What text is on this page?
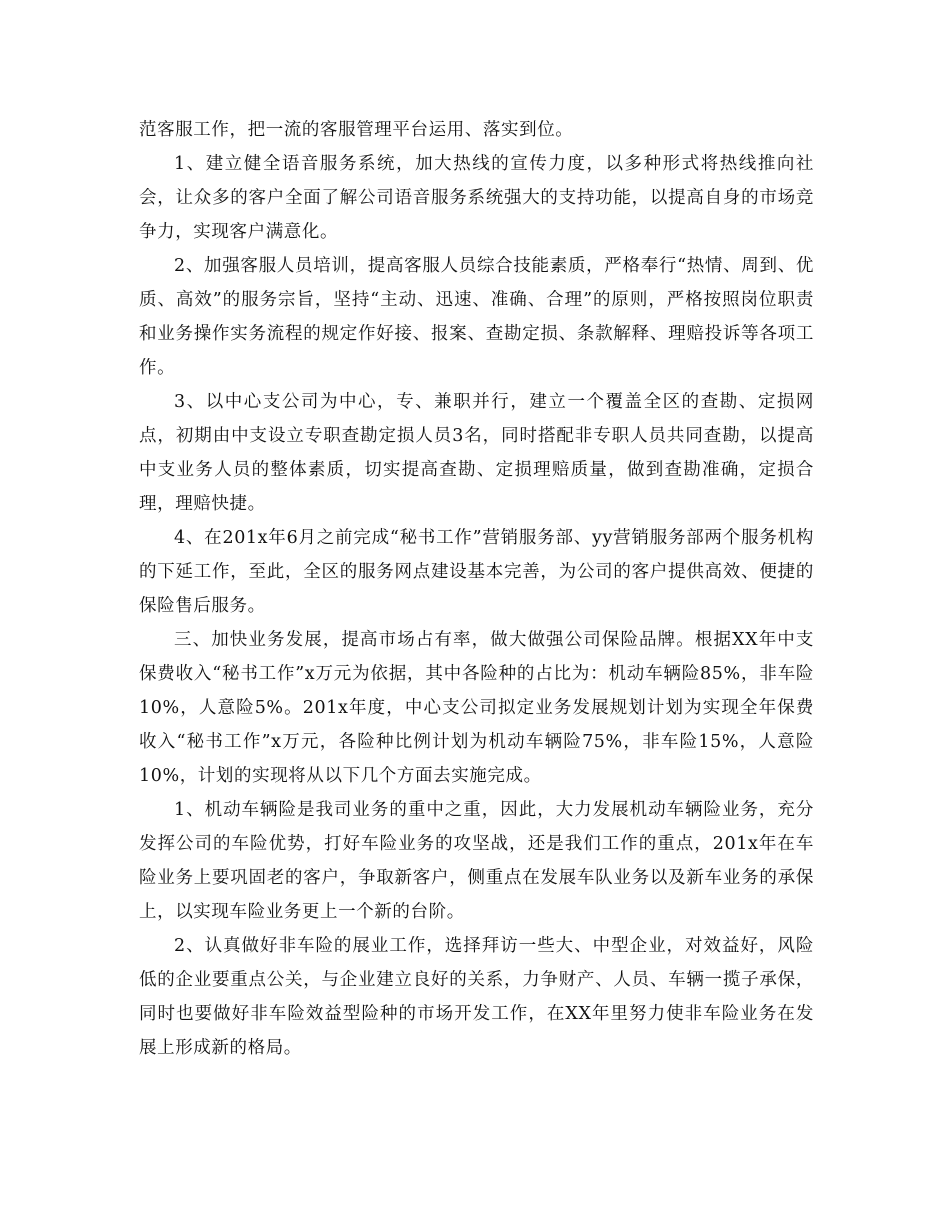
范客服工作，把一流的客服管理平台运用、落实到位。

1、建立健全语音服务系统，加大热线的宣传力度，以多种形式将热线推向社会，让众多的客户全面了解公司语音服务系统强大的支持功能，以提高自身的市场竞争力，实现客户满意化。

2、加强客服人员培训，提高客服人员综合技能素质，严格奉行“热情、周到、优质、高效”的服务宗旨，坚持“主动、迅速、准确、合理”的原则，严格按照岗位职责和业务操作实务流程的规定作好接、报案、查勘定损、条款解释、理赔投诉等各项工作。

3、以中心支公司为中心，专、兼职并行，建立一个覆盖全区的查勘、定损网点，初期由中支设立专职查勘定损人员3名，同时搭配非专职人员共同查勘，以提高中支业务人员的整体素质，切实提高查勘、定损理赔质量，做到查勘准确，定损合理，理赔快捷。

4、在201x年6月之前完成“秘书工作”营销服务部、yy营销服务部两个服务机构的下延工作，至此，全区的服务网点建设基本完善，为公司的客户提供高效、便捷的保险售后服务。

三、加快业务发展，提高市场占有率，做大做强公司保险品牌。根据XX年中支保费收入“秘书工作”x万元为依据，其中各险种的占比为：机动车辆险85%，非车险10%，人意险5%。201x年度，中心支公司拟定业务发展规划计划为实现全年保费收入“秘书工作”x万元，各险种比例计划为机动车辆险75%，非车险15%，人意险10%，计划的实现将从以下几个方面去实施完成。

1、机动车辆险是我司业务的重中之重，因此，大力发展机动车辆险业务，充分发挥公司的车险优势，打好车险业务的攻坚战，还是我们工作的重点，201x年在车险业务上要巩固老的客户，争取新客户，侧重点在发展车队业务以及新车业务的承保上，以实现车险业务更上一个新的台阶。

2、认真做好非车险的展业工作，选择拜访一些大、中型企业，对效益好，风险低的企业要重点公关，与企业建立良好的关系，力争财产、人员、车辆一揽子承保，同时也要做好非车险效益型险种的市场开发工作，在XX年里努力使非车险业务在发展上形成新的格局。
